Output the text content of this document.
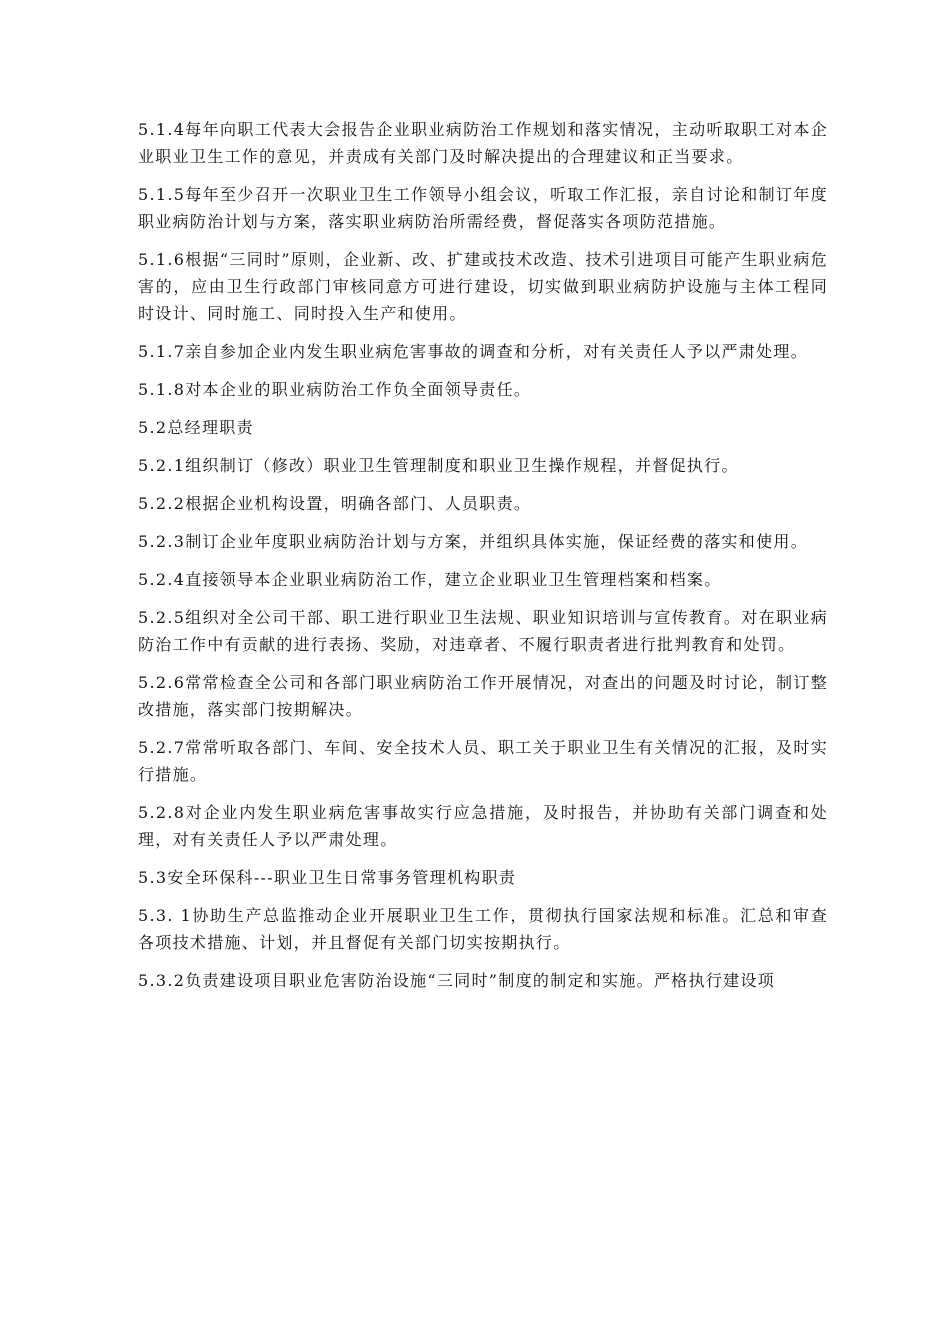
5.1.4每年向职工代表大会报告企业职业病防治工作规划和落实情况，主动听取职工对本企业职业卫生工作的意见，并责成有关部门及时解决提出的合理建议和正当要求。

5.1.5每年至少召开一次职业卫生工作领导小组会议，听取工作汇报，亲自讨论和制订年度职业病防治计划与方案，落实职业病防治所需经费，督促落实各项防范措施。

5.1.6根据“三同时”原则，企业新、改、扩建或技术改造、技术引进项目可能产生职业病危害的，应由卫生行政部门审核同意方可进行建设，切实做到职业病防护设施与主体工程同时设计、同时施工、同时投入生产和使用。

5.1.7亲自参加企业内发生职业病危害事故的调查和分析，对有关责任人予以严肃处理。

5.1.8对本企业的职业病防治工作负全面领导责任。

5.2总经理职责

5.2.1组织制订（修改）职业卫生管理制度和职业卫生操作规程，并督促执行。

5.2.2根据企业机构设置，明确各部门、人员职责。

5.2.3制订企业年度职业病防治计划与方案，并组织具体实施，保证经费的落实和使用。

5.2.4直接领导本企业职业病防治工作，建立企业职业卫生管理档案和档案。

5.2.5组织对全公司干部、职工进行职业卫生法规、职业知识培训与宣传教育。对在职业病防治工作中有贡献的进行表扬、奖励，对违章者、不履行职责者进行批判教育和处罚。

5.2.6常常检查全公司和各部门职业病防治工作开展情况，对查出的问题及时讨论，制订整改措施，落实部门按期解决。

5.2.7常常听取各部门、车间、安全技术人员、职工关于职业卫生有关情况的汇报，及时实行措施。

5.2.8对企业内发生职业病危害事故实行应急措施，及时报告，并协助有关部门调查和处理，对有关责任人予以严肃处理。

5.3安全环保科---职业卫生日常事务管理机构职责

5.3. 1协助生产总监推动企业开展职业卫生工作，贯彻执行国家法规和标准。汇总和审查各项技术措施、计划，并且督促有关部门切实按期执行。

5.3.2负责建设项目职业危害防治设施“三同时”制度的制定和实施。严格执行建设项
